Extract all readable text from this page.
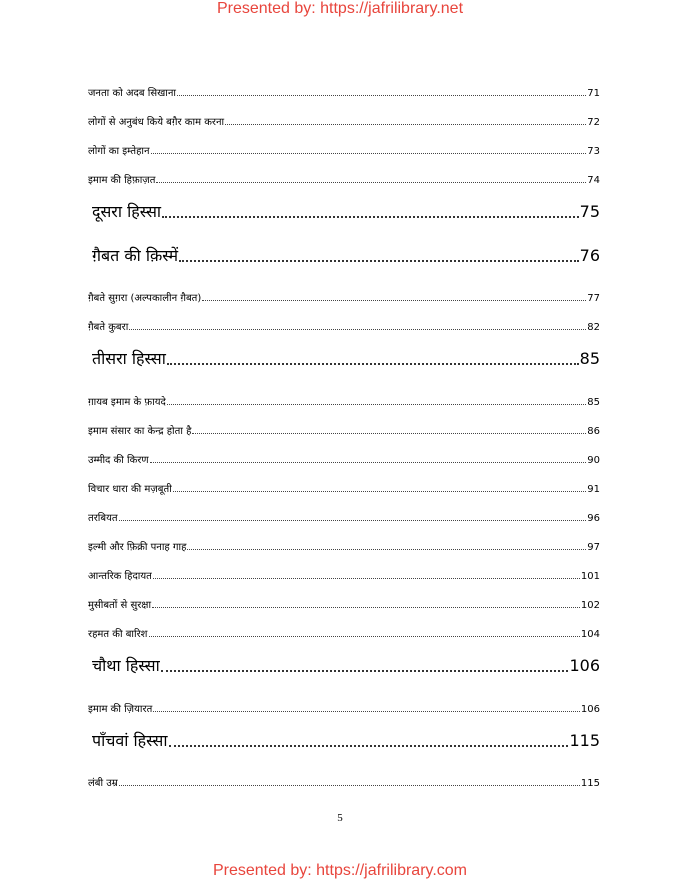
Presented by: https://jafrilibrary.net
जनता को अदब सिखाना	71
लोगों से अनुबंध किये बग़ैर काम करना	72
लोगों का इम्तेहान	73
इमाम की हिफ़ाज़त	74
दूसरा हिस्सा	75
ग़ैबत की क़िस्में	76
ग़ैबते सुग़रा (अल्पकालीन ग़ैबत)	77
ग़ैबते कुबरा	82
तीसरा हिस्सा	85
ग़ायब इमाम के फ़ायदे	85
इमाम संसार का केन्द्र होता है	86
उम्मीद की किरण	90
विचार धारा की मज़बूती	91
तरबियत	96
इल्मी और फ़िक्री पनाह गाह	97
आन्तरिक हिदायत	101
मुसीबतों से सुरक्षा	102
रहमत की बारिश	104
चौथा हिस्सा	106
इमाम की ज़ियारत	106
पाँचवां हिस्सा	115
लंबी उम्र	115
5
Presented by: https://jafrilibrary.com
